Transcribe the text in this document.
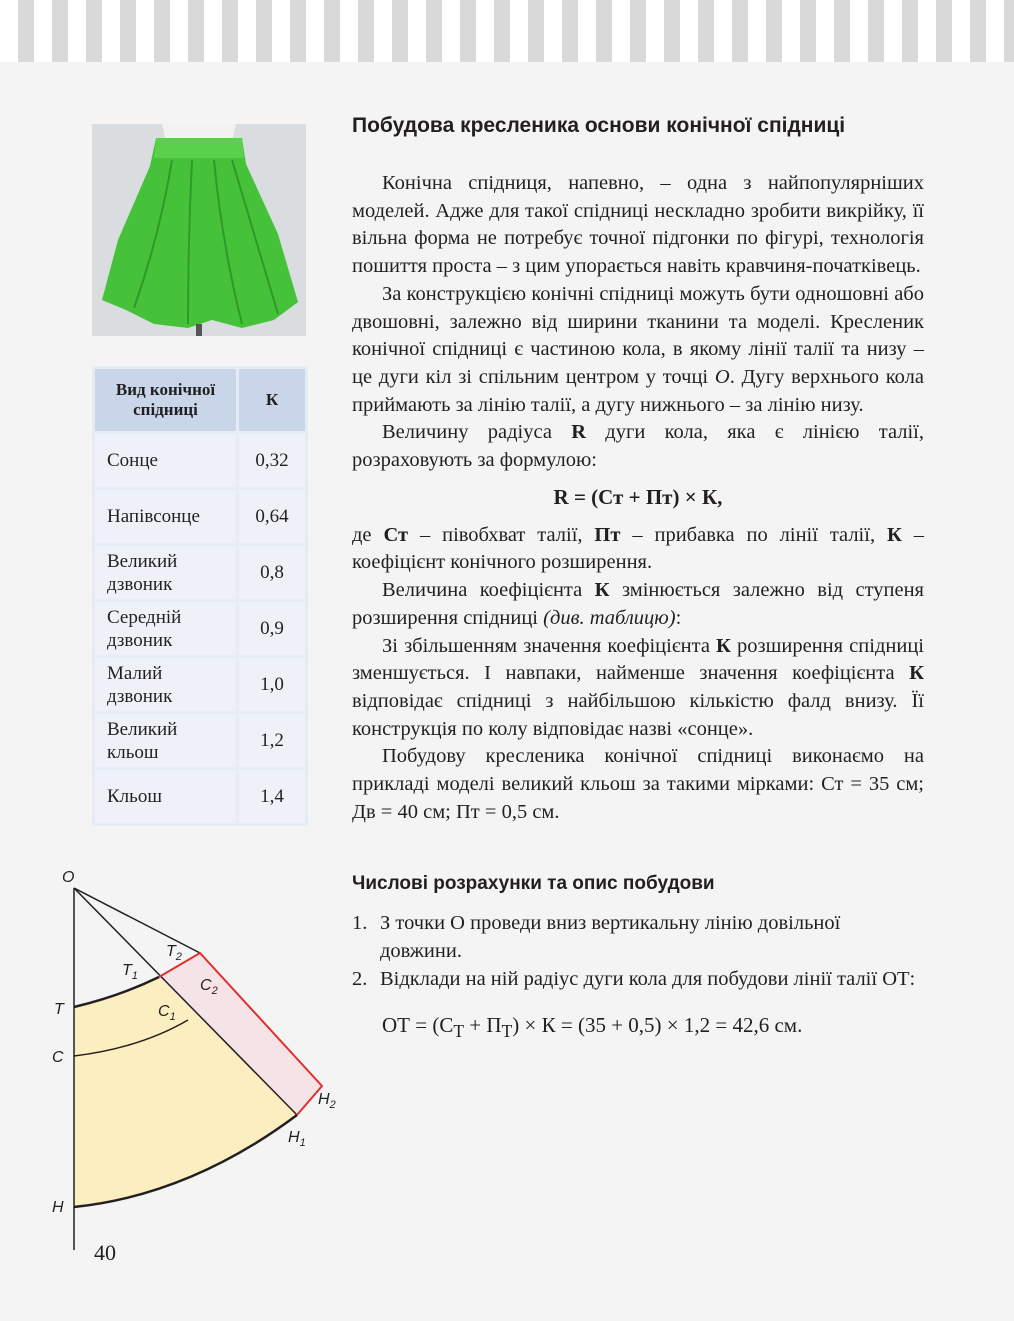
Вид конічної спідниці	К
Сонце	0,32
Напівсонце	0,64
Великий дзвоник	0,8
Середній дзвоник	0,9
Малий дзвоник	1,0
Великий кльош	1,2
Кльош	1,4
O
T
C
H
$T_1$
$T_2$
$C_1$
$C_2$
$H_1$
$H_2$
40
Побудова кресленика основи конічної спідниці

Конічна спідниця, напевно, – одна з найпопулярніших моделей. Адже для такої спідниці нескладно зробити викрійку, її вільна форма не потребує точної підгонки по фігурі, технологія пошиття проста – з цим упорається навіть кравчиня-початківець.

За конструкцією конічні спідниці можуть бути одношовні або двошовні, залежно від ширини тканини та моделі. Кресленик конічної спідниці є частиною кола, в якому лінії талії та низу – це дуги кіл зі спільним центром у точці О. Дугу верхнього кола приймають за лінію талії, а дугу нижнього – за лінію низу.

Величину радіуса R дуги кола, яка є лінією талії, розраховують за формулою:

R = (Ст + Пт) × К,

де Ст – півобхват талії, Пт – прибавка по лінії талії, К – коефіцієнт конічного розширення.

Величина коефіцієнта К змінюється залежно від ступеня розширення спідниці (див. таблицю):

Зі збільшенням значення коефіцієнта К розширення спідниці зменшується. І навпаки, найменше значення коефіцієнта К відповідає спідниці з найбільшою кількістю фалд внизу. Її конструкція по колу відповідає назві «сонце».

Побудову кресленика конічної спідниці виконаємо на прикладі моделі великий кльош за такими мірками: Ст = 35 см; Дв = 40 см; Пт = 0,5 см.

Числові розрахунки та опис побудови
1. З точки О проведи вниз вертикальну лінію довільної довжини.
2. Відклади на ній радіус дуги кола для побудови лінії талії ОТ:

ОТ = $(С_Т + П_Т) \times К = (35 + 0,5) \times 1,2 = 42,6$ см.
